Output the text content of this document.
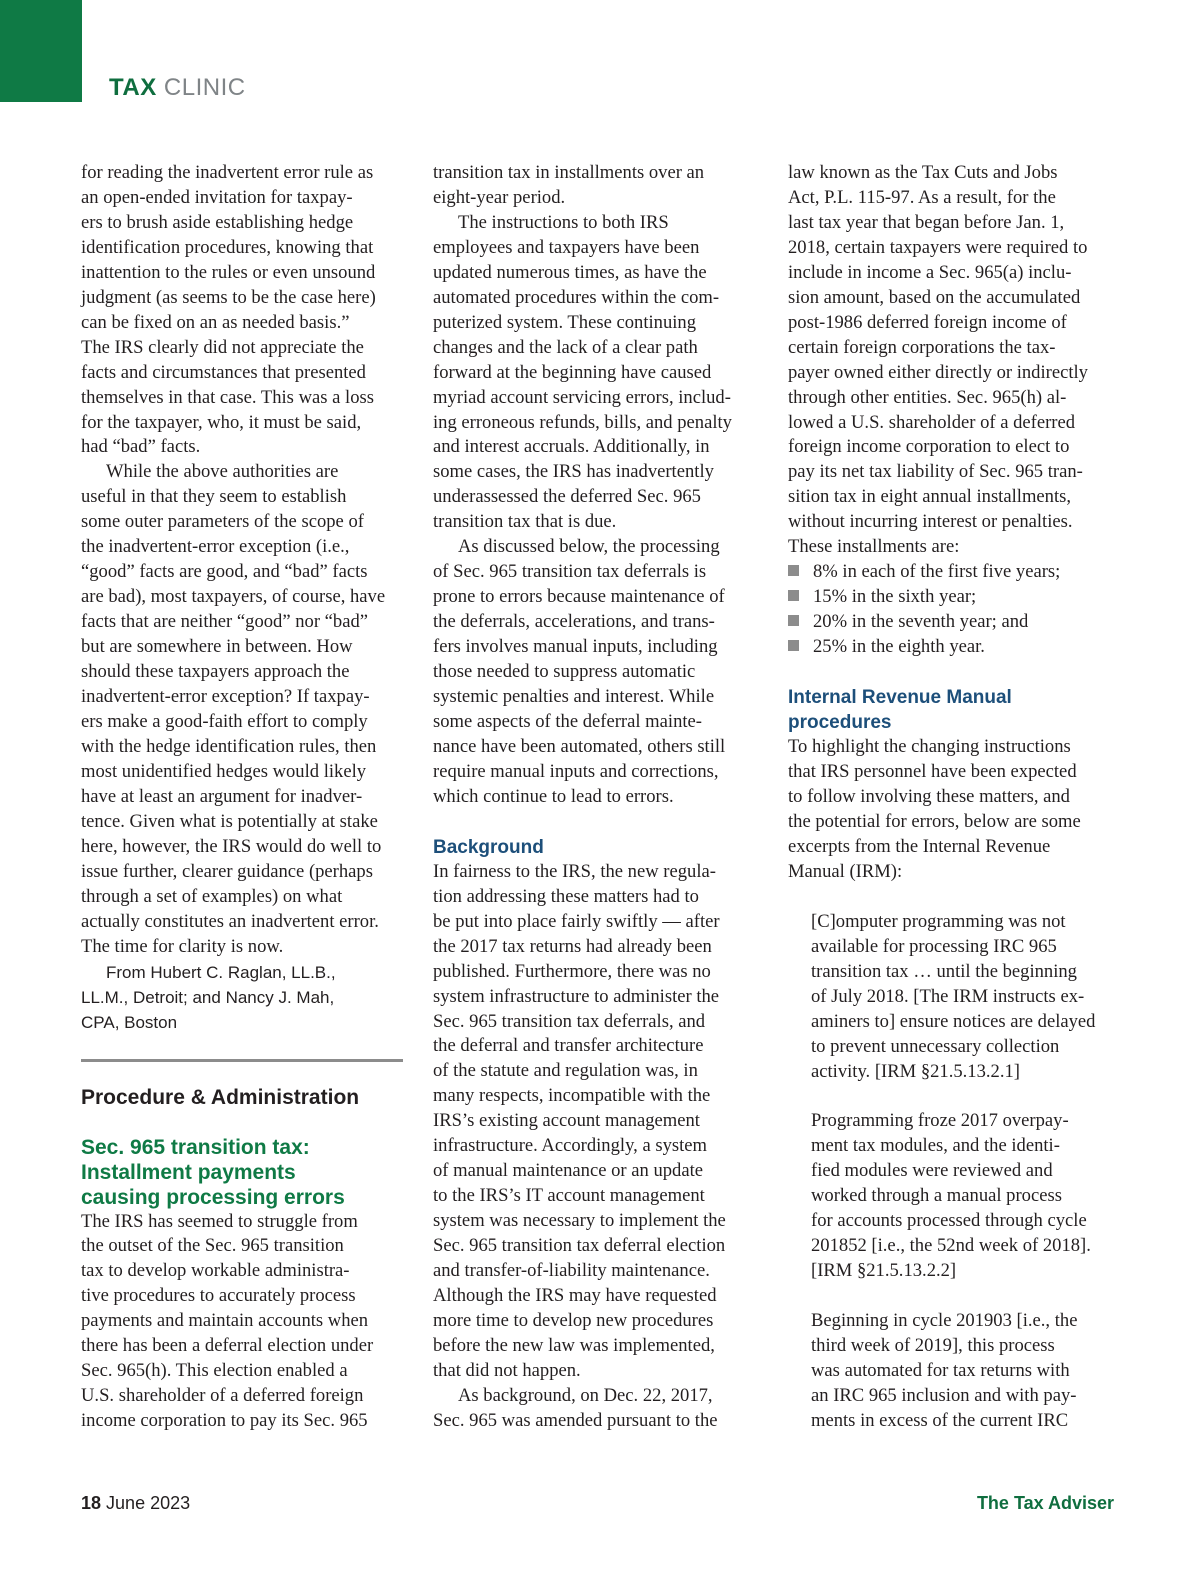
TAX CLINIC
for reading the inadvertent error rule as
an open-ended invitation for taxpay-
ers to brush aside establishing hedge
identification procedures, knowing that
inattention to the rules or even unsound
judgment (as seems to be the case here)
can be fixed on an as needed basis.”
The IRS clearly did not appreciate the
facts and circumstances that presented
themselves in that case. This was a loss
for the taxpayer, who, it must be said,
had “bad” facts.
While the above authorities are
useful in that they seem to establish
some outer parameters of the scope of
the inadvertent-error exception (i.e.,
“good” facts are good, and “bad” facts
are bad), most taxpayers, of course, have
facts that are neither “good” nor “bad”
but are somewhere in between. How
should these taxpayers approach the
inadvertent-error exception? If taxpay-
ers make a good-faith effort to comply
with the hedge identification rules, then
most unidentified hedges would likely
have at least an argument for inadver-
tence. Given what is potentially at stake
here, however, the IRS would do well to
issue further, clearer guidance (perhaps
through a set of examples) on what
actually constitutes an inadvertent error.
The time for clarity is now.
From Hubert C. Raglan, LL.B.,
LL.M., Detroit; and Nancy J. Mah,
CPA, Boston
Procedure & Administration
Sec. 965 transition tax:
Installment payments
causing processing errors
The IRS has seemed to struggle from
the outset of the Sec. 965 transition
tax to develop workable administra-
tive procedures to accurately process
payments and maintain accounts when
there has been a deferral election under
Sec. 965(h). This election enabled a
U.S. shareholder of a deferred foreign
income corporation to pay its Sec. 965
transition tax in installments over an
eight-year period.
The instructions to both IRS
employees and taxpayers have been
updated numerous times, as have the
automated procedures within the com-
puterized system. These continuing
changes and the lack of a clear path
forward at the beginning have caused
myriad account servicing errors, includ-
ing erroneous refunds, bills, and penalty
and interest accruals. Additionally, in
some cases, the IRS has inadvertently
underassessed the deferred Sec. 965
transition tax that is due.
As discussed below, the processing
of Sec. 965 transition tax deferrals is
prone to errors because maintenance of
the deferrals, accelerations, and trans-
fers involves manual inputs, including
those needed to suppress automatic
systemic penalties and interest. While
some aspects of the deferral mainte-
nance have been automated, others still
require manual inputs and corrections,
which continue to lead to errors.
Background
In fairness to the IRS, the new regula-
tion addressing these matters had to
be put into place fairly swiftly — after
the 2017 tax returns had already been
published. Furthermore, there was no
system infrastructure to administer the
Sec. 965 transition tax deferrals, and
the deferral and transfer architecture
of the statute and regulation was, in
many respects, incompatible with the
IRS’s existing account management
infrastructure. Accordingly, a system
of manual maintenance or an update
to the IRS’s IT account management
system was necessary to implement the
Sec. 965 transition tax deferral election
and transfer-of-liability maintenance.
Although the IRS may have requested
more time to develop new procedures
before the new law was implemented,
that did not happen.
As background, on Dec. 22, 2017,
Sec. 965 was amended pursuant to the
law known as the Tax Cuts and Jobs
Act, P.L. 115-97. As a result, for the
last tax year that began before Jan. 1,
2018, certain taxpayers were required to
include in income a Sec. 965(a) inclu-
sion amount, based on the accumulated
post-1986 deferred foreign income of
certain foreign corporations the tax-
payer owned either directly or indirectly
through other entities. Sec. 965(h) al-
lowed a U.S. shareholder of a deferred
foreign income corporation to elect to
pay its net tax liability of Sec. 965 tran-
sition tax in eight annual installments,
without incurring interest or penalties.
These installments are:
8% in each of the first five years;
15% in the sixth year;
20% in the seventh year; and
25% in the eighth year.
Internal Revenue Manual
procedures
To highlight the changing instructions
that IRS personnel have been expected
to follow involving these matters, and
the potential for errors, below are some
excerpts from the Internal Revenue
Manual (IRM):
[C]omputer programming was not
available for processing IRC 965
transition tax … until the beginning
of July 2018. [The IRM instructs ex-
aminers to] ensure notices are delayed
to prevent unnecessary collection
activity. [IRM §21.5.13.2.1]
Programming froze 2017 overpay-
ment tax modules, and the identi-
fied modules were reviewed and
worked through a manual process
for accounts processed through cycle
201852 [i.e., the 52nd week of 2018].
[IRM §21.5.13.2.2]
Beginning in cycle 201903 [i.e., the
third week of 2019], this process
was automated for tax returns with
an IRC 965 inclusion and with pay-
ments in excess of the current IRC
18 June 2023	The Tax Adviser
